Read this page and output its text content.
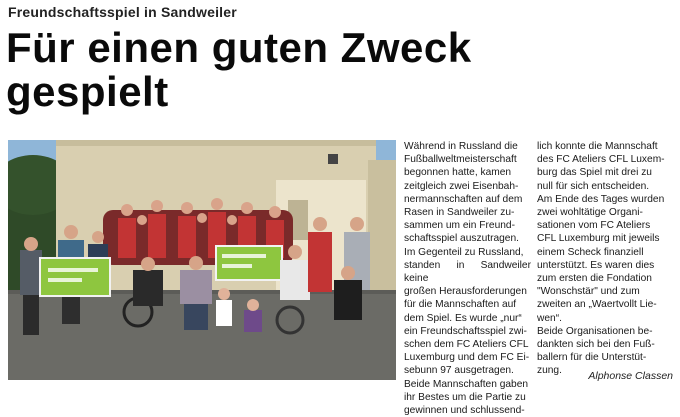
Freundschaftsspiel in Sandweiler
Für einen guten Zweck
gespielt

Während in Russland die
Fußballweltmeisterschaft
begonnen hatte, kamen
zeitgleich zwei Eisenbah-
nermannschaften auf dem
Rasen in Sandweiler zu-
sammen um ein Freund-
schaftsspiel auszutragen.
Im Gegenteil zu Russland,
standen in Sandweiler keine
großen Herausforderungen
für die Mannschaften auf
dem Spiel. Es wurde „nur“
ein Freundschaftsspiel zwi-
schen dem FC Ateliers CFL
Luxemburg und dem FC Ei-
sebunn 97 ausgetragen.
Beide Mannschaften gaben
ihr Bestes um die Partie zu
gewinnen und schlussend-

lich konnte die Mannschaft
des FC Ateliers CFL Luxem-
burg das Spiel mit drei zu
null für sich entscheiden.
Am Ende des Tages wurden
zwei wohltätige Organi-
sationen vom FC Ateliers
CFL Luxemburg mit jeweils
einem Scheck finanziell
unterstützt. Es waren dies
zum ersten die Fondation
"Wonschstär" und zum
zweiten an „Waertvollt Lie-
wen“.
Beide Organisationen be-
dankten sich bei den Fuß-
ballern für die Unterstüt-
zung.	Alphonse Classen
